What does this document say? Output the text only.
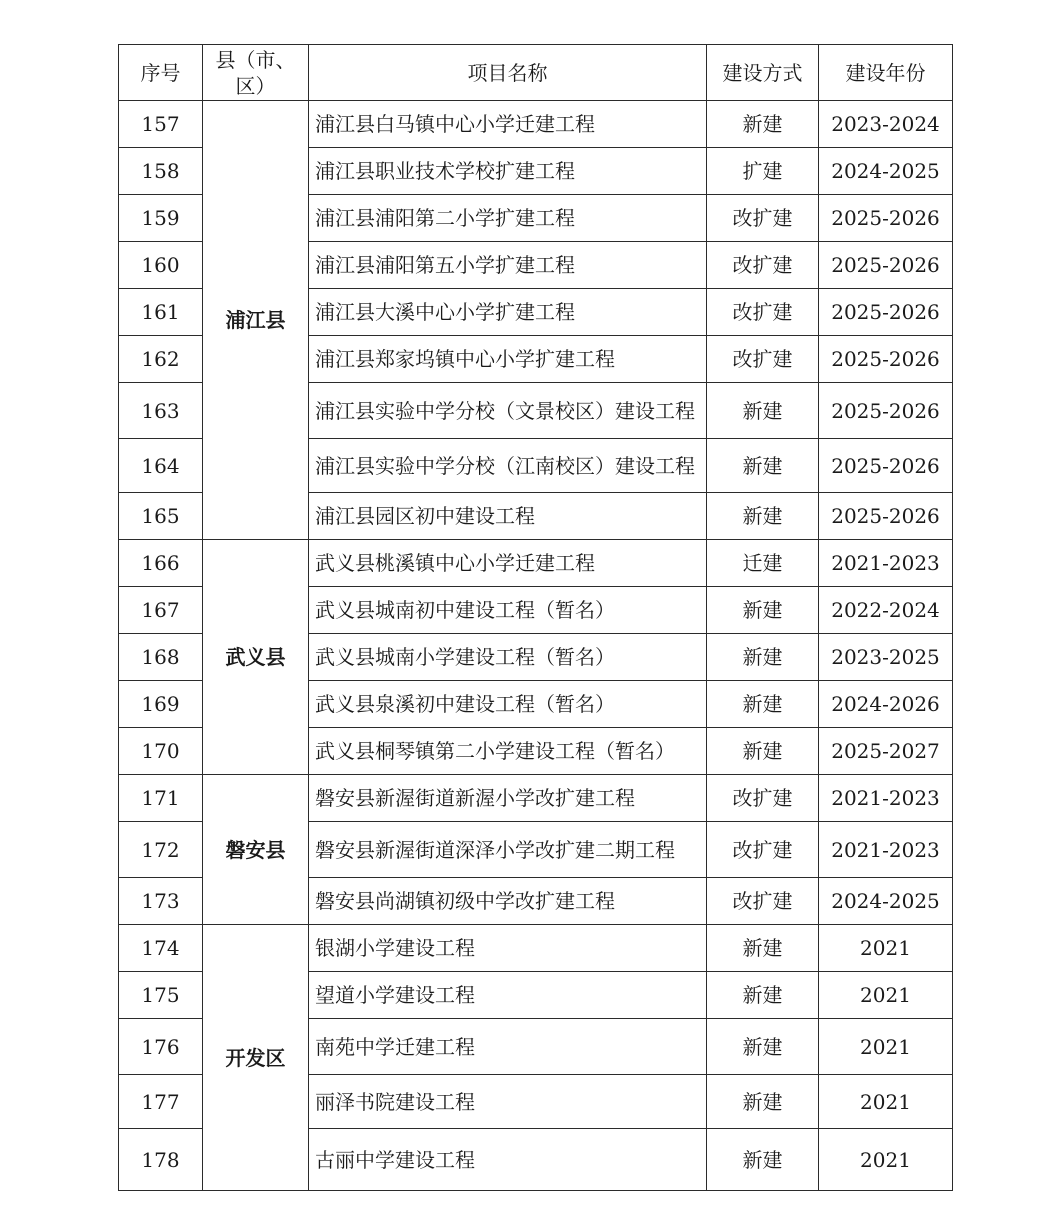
序号	县（市、区）	项目名称	建设方式	建设年份
157	浦江县	浦江县白马镇中心小学迁建工程	新建	2023-2024
158		浦江县职业技术学校扩建工程	扩建	2024-2025
159		浦江县浦阳第二小学扩建工程	改扩建	2025-2026
160		浦江县浦阳第五小学扩建工程	改扩建	2025-2026
161		浦江县大溪中心小学扩建工程	改扩建	2025-2026
162		浦江县郑家坞镇中心小学扩建工程	改扩建	2025-2026
163		浦江县实验中学分校（文景校区）建设工程	新建	2025-2026
164		浦江县实验中学分校（江南校区）建设工程	新建	2025-2026
165		浦江县园区初中建设工程	新建	2025-2026
166	武义县	武义县桃溪镇中心小学迁建工程	迁建	2021-2023
167		武义县城南初中建设工程（暂名）	新建	2022-2024
168		武义县城南小学建设工程（暂名）	新建	2023-2025
169		武义县泉溪初中建设工程（暂名）	新建	2024-2026
170		武义县桐琴镇第二小学建设工程（暂名）	新建	2025-2027
171	磐安县	磐安县新渥街道新渥小学改扩建工程	改扩建	2021-2023
172		磐安县新渥街道深泽小学改扩建二期工程	改扩建	2021-2023
173		磐安县尚湖镇初级中学改扩建工程	改扩建	2024-2025
174	开发区	银湖小学建设工程	新建	2021
175		望道小学建设工程	新建	2021
176		南苑中学迁建工程	新建	2021
177		丽泽书院建设工程	新建	2021
178		古丽中学建设工程	新建	2021
